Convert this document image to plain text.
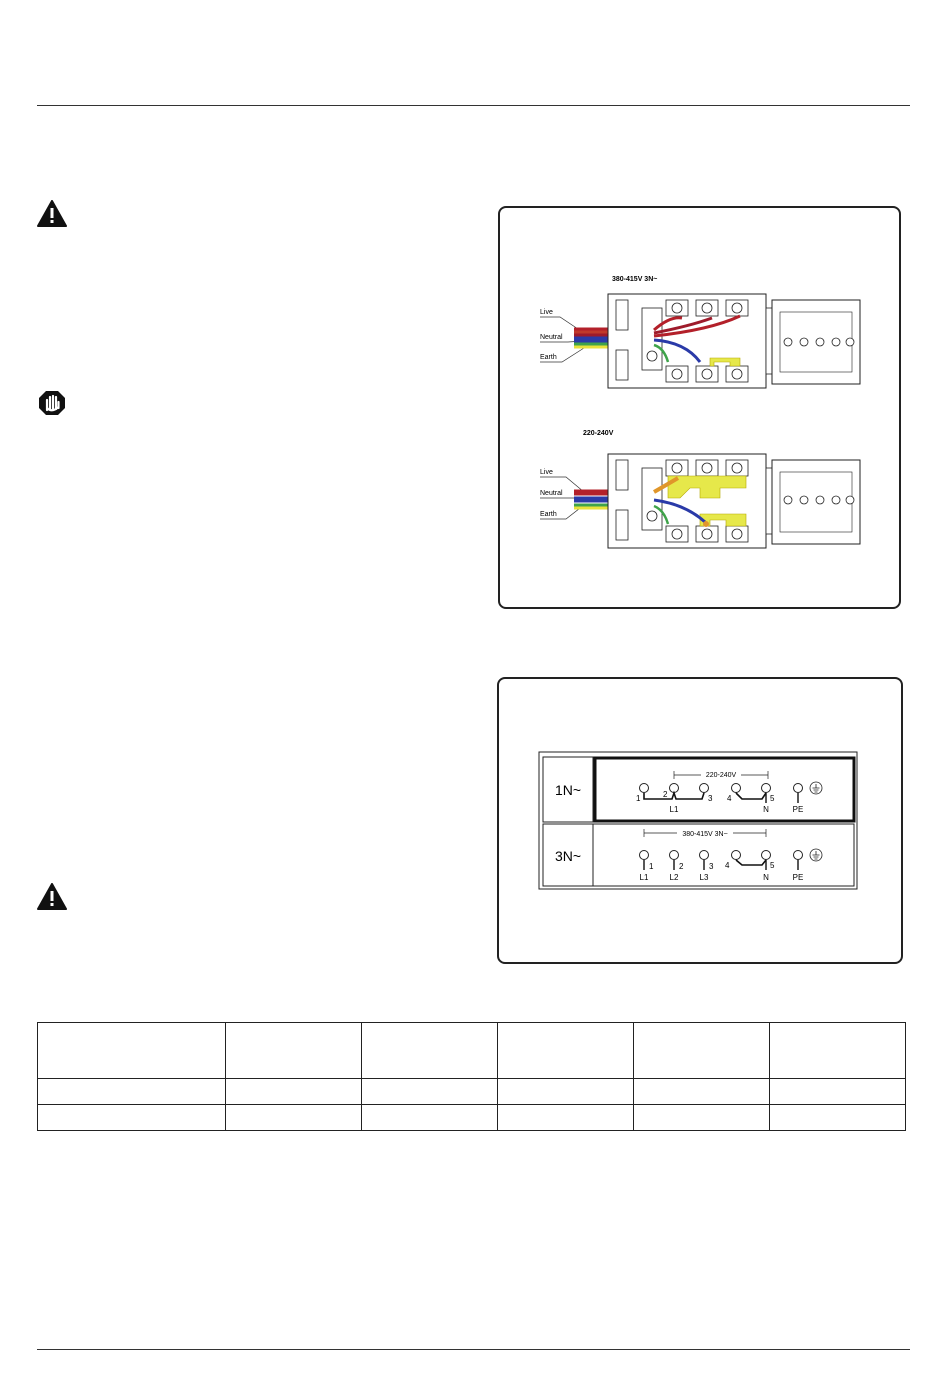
380-415V 3N~
Live
Neutral
Earth
220-240V
Live
Neutral
Earth
1N~
3N~
220-240V
1	2	3 4	5
L1	N	PE
380-415V 3N~
1	2	3 4	5
L1	L2	L3	N	PE
